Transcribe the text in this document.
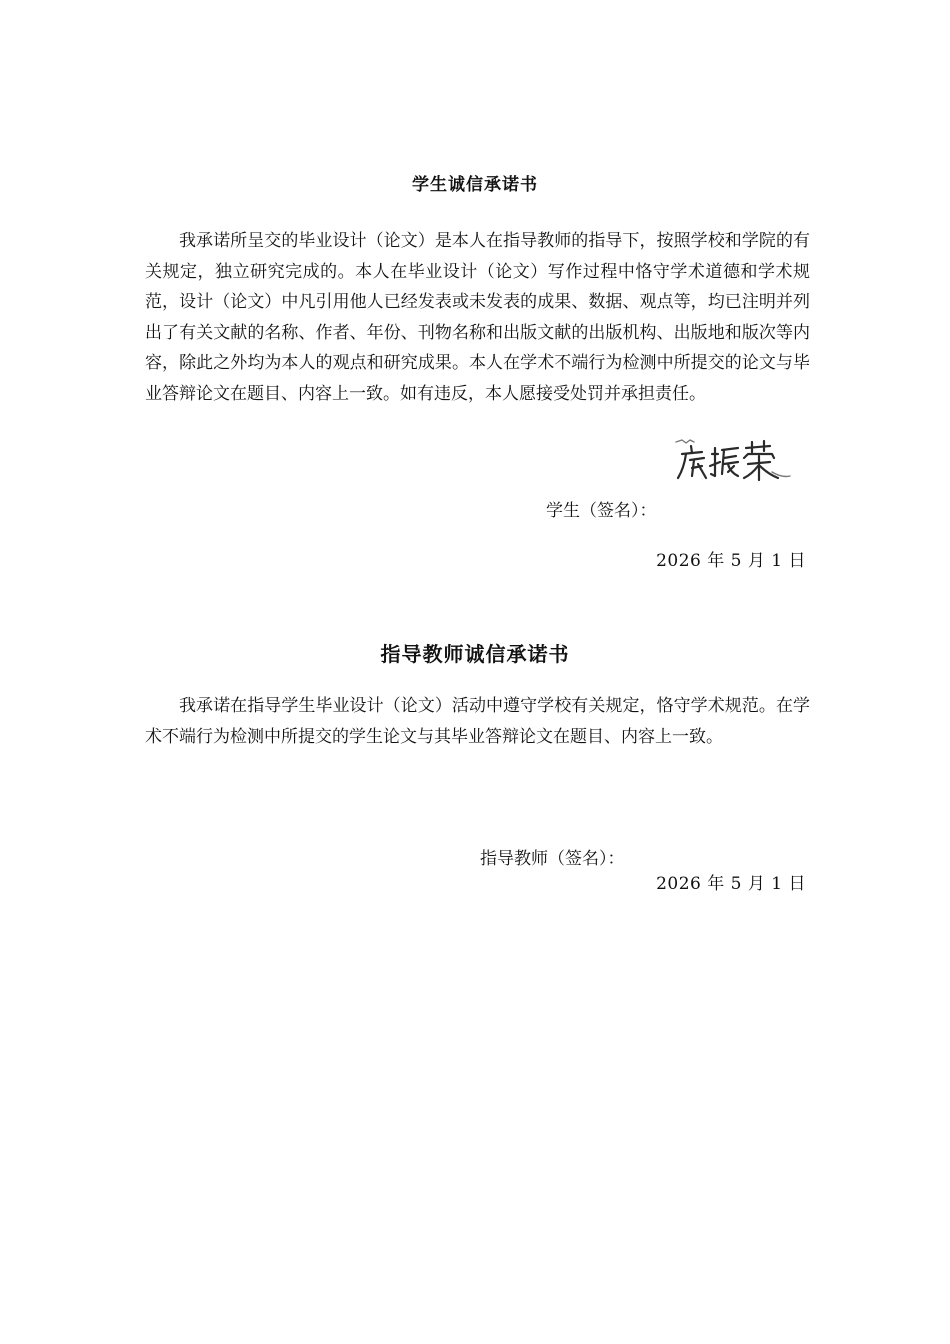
学生诚信承诺书

我承诺所呈交的毕业设计（论文）是本人在指导教师的指导下，按照学校和学院的有关规定，独立研究完成的。本人在毕业设计（论文）写作过程中恪守学术道德和学术规范，设计（论文）中凡引用他人已经发表或未发表的成果、数据、观点等，均已注明并列出了有关文献的名称、作者、年份、刊物名称和出版文献的出版机构、出版地和版次等内容，除此之外均为本人的观点和研究成果。本人在学术不端行为检测中所提交的论文与毕业答辩论文在题目、内容上一致。如有违反，本人愿接受处罚并承担责任。

学生（签名）：
2026 年 5 月 1 日
指导教师诚信承诺书

我承诺在指导学生毕业设计（论文）活动中遵守学校有关规定，恪守学术规范。在学术不端行为检测中所提交的学生论文与其毕业答辩论文在题目、内容上一致。

指导教师（签名）：
2026 年 5 月 1 日
